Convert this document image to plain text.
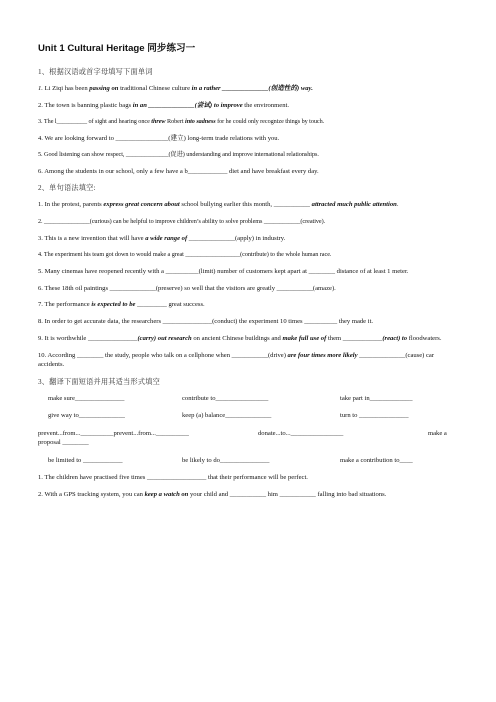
Unit 1 Cultural Heritage 同步练习一
1、根据汉语或首字母填写下面单词
1. Li Ziqi has been passing on traditional Chinese culture in a rather ______________(创造性的) way.
2. The town is banning plastic bags in an ______________(尝试) to improve the environment.
3. The l__________ of sight and hearing once threw Robert into sadness for he could only recognize things by touch.
4. We are looking forward to ________________(建立) long-term trade relations with you.
5. Good listening can show respect, ______________(促进) understanding and improve international relationships.
6. Among the students in our school, only a few have a b____________ diet and have breakfast every day.
2、单句语法填空:
1. In the protest, parents express great concern about school bullying earlier this month, ___________ attracted much public attention.
2. _______________(curious) can be helpful to improve children’s ability to solve problems ____________(creative).
3. This is a new invention that will have a wide range of ______________(apply) in industry.
4. The experiment his team got down to would make a great __________________(contribute) to the whole human race.
5. Many cinemas have reopened recently with a __________(limit) number of customers kept apart at ________ distance of at least 1 meter.
6. These 18th oil paintings ______________(preserve) so well that the visitors are greatly ___________(amaze).
7. The performance is expected to be _________ great success.
8. In order to get accurate data, the researchers _______________(conduct) the experiment 10 times __________ they made it.
9. It is worthwhile _______________(carry) out research on ancient Chinese buildings and make full use of them ____________(react) to floodwaters.
10. According ________ the study, people who talk on a cellphone when ___________(drive) are four times more likely ______________(cause) car accidents.
3、翻译下面短语并用其适当形式填空
make sure_______________	contribute to________________	take part in_____________
give way to______________	keep (a) balance______________	turn to _______________
prevent...from...__________prevent...from...__________	donate...to...________________	make a
proposal ________
be limited to ____________	be likely to do_______________	make a contribution to____
1. The children have practised five times __________________ that their performance will be perfect.
2. With a GPS tracking system, you can keep a watch on your child and ___________ him ___________ falling into bad situations.
